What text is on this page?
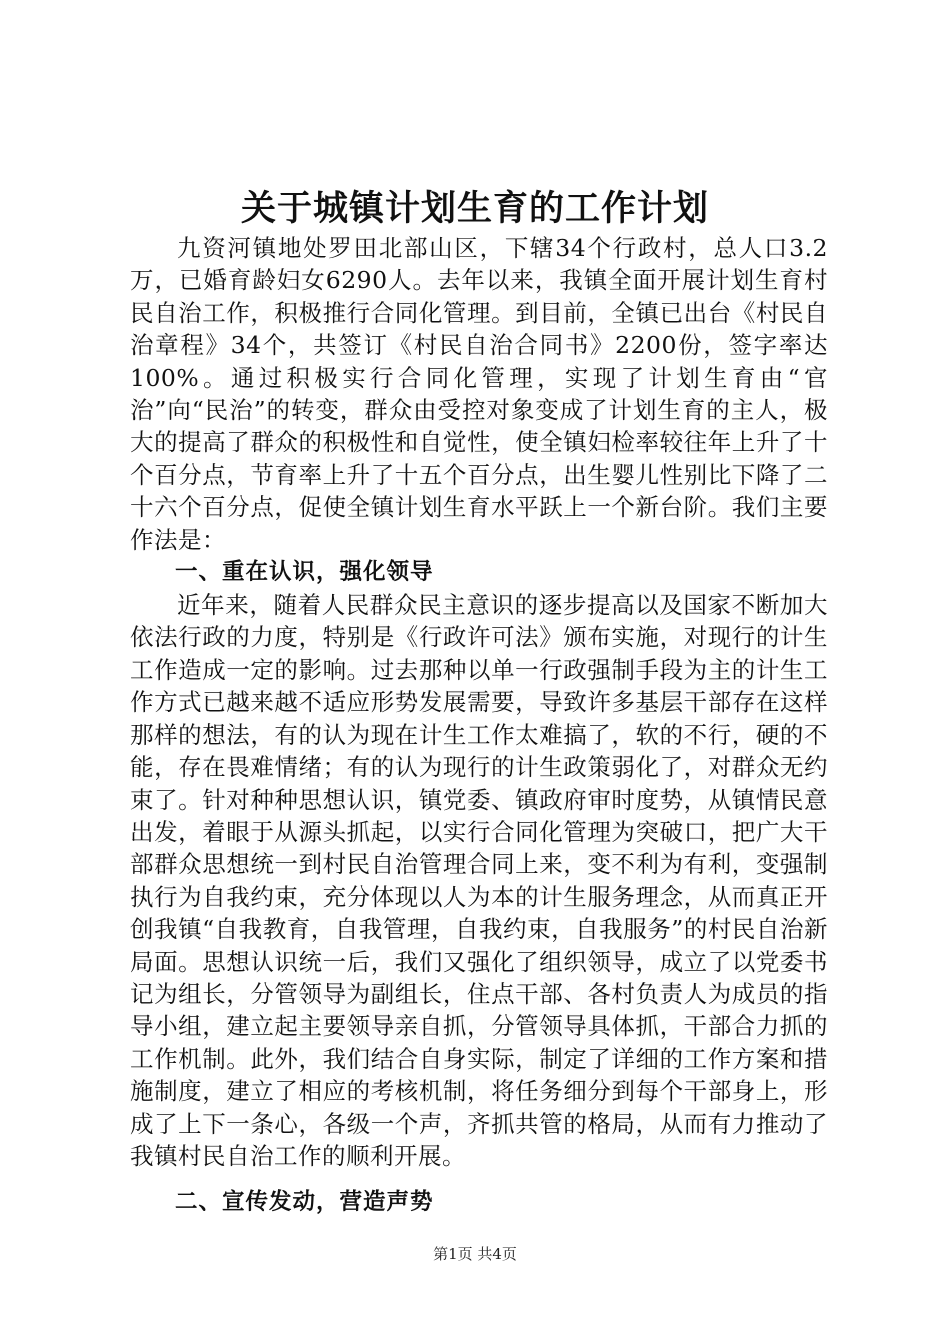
关于城镇计划生育的工作计划

九资河镇地处罗田北部山区，下辖34个行政村，总人口3.2万，已婚育龄妇女6290人。去年以来，我镇全面开展计划生育村民自治工作，积极推行合同化管理。到目前，全镇已出台《村民自治章程》34个，共签订《村民自治合同书》2200份，签字率达100%。通过积极实行合同化管理，实现了计划生育由“官治”向“民治”的转变，群众由受控对象变成了计划生育的主人，极大的提高了群众的积极性和自觉性，使全镇妇检率较往年上升了十个百分点，节育率上升了十五个百分点，出生婴儿性别比下降了二十六个百分点，促使全镇计划生育水平跃上一个新台阶。我们主要作法是：

一、重在认识，强化领导

近年来，随着人民群众民主意识的逐步提高以及国家不断加大依法行政的力度，特别是《行政许可法》颁布实施，对现行的计生工作造成一定的影响。过去那种以单一行政强制手段为主的计生工作方式已越来越不适应形势发展需要，导致许多基层干部存在这样那样的想法，有的认为现在计生工作太难搞了，软的不行，硬的不能，存在畏难情绪；有的认为现行的计生政策弱化了，对群众无约束了。针对种种思想认识，镇党委、镇政府审时度势，从镇情民意出发，着眼于从源头抓起，以实行合同化管理为突破口，把广大干部群众思想统一到村民自治管理合同上来，变不利为有利，变强制执行为自我约束，充分体现以人为本的计生服务理念，从而真正开创我镇“自我教育，自我管理，自我约束，自我服务”的村民自治新局面。思想认识统一后，我们又强化了组织领导，成立了以党委书记为组长，分管领导为副组长，住点干部、各村负责人为成员的指导小组，建立起主要领导亲自抓，分管领导具体抓，干部合力抓的工作机制。此外，我们结合自身实际，制定了详细的工作方案和措施制度，建立了相应的考核机制，将任务细分到每个干部身上，形成了上下一条心，各级一个声，齐抓共管的格局，从而有力推动了我镇村民自治工作的顺利开展。

二、宣传发动，营造声势

第1页 共4页
